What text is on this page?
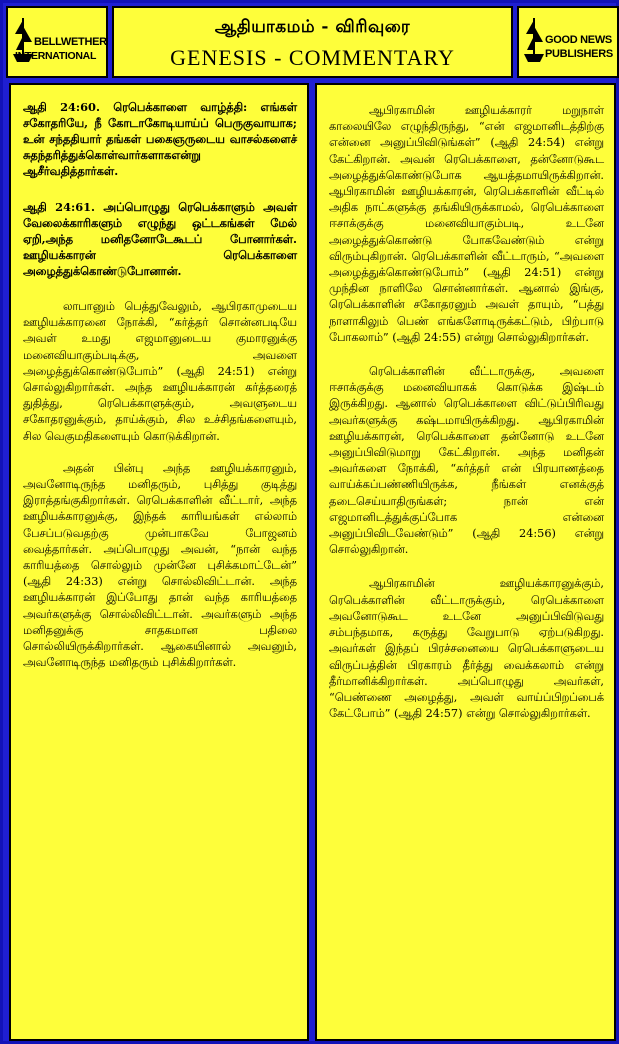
BELLWETHER
INTERNATIONAL
ஆதியாகமம் - விரிவுரை
GENESIS - COMMENTARY
GOOD NEWS
PUBLISHERS

ஆதி 24:60. ரெபெக்காளை வாழ்த்தி: எங்கள் சகோதரியே, நீ கோடாகோடியாய்ப் பெருகுவாயாக; உன் சந்ததியார் தங்கள் பகைஞருடைய வாசல்களைச் சுதந்தரித்துக்கொள்வார்களாகஎன்று ஆசீர்வதித்தார்கள்.

ஆதி 24:61. அப்பொழுது ரெபெக்காளும் அவள் வேலைக்காரிகளும் எழுந்து ஒட்டகங்கள் மேல் ஏறி,அந்த மனிதனோடேகூடப் போனார்கள். ஊழியக்காரன் ரெபெக்காளை அழைத்துக்கொண்டுபோனான்.

லாபானும் பெத்துவேலும், ஆபிரகாமுடைய ஊழியக்காரனை நோக்கி, “கர்த்தர் சொன்னபடியே அவள் உமது எஜமானுடைய குமாரனுக்கு மனைவியாகும்படிக்கு, அவளை அழைத்துக்கொண்டுபோம்” (ஆதி 24:51) என்று சொல்லுகிறார்கள். அந்த ஊழியக்காரன் கர்த்தரைத் துதித்து, ரெபெக்காளுக்கும், அவளுடைய சகோதரனுக்கும், தாய்க்கும், சில உச்சிதங்களையும், சில வெகுமதிகளையும் கொடுக்கிறான்.

அதன் பின்பு அந்த ஊழியக்காரனும், அவனோடிருந்த மனிதரும், புசித்து குடித்து இராத்தங்குகிறார்கள். ரெபெக்காளின் வீட்டார், அந்த ஊழியக்காரனுக்கு, இந்தக் காரியங்கள் எல்லாம் பேசப்படுவதற்கு முன்பாகவே போஜனம் வைத்தார்கள். அப்பொழுது அவன், “நான் வந்த காரியத்தை சொல்லும் முன்னே புசிக்கமாட்டேன்” (ஆதி 24:33) என்று சொல்லிவிட்டான். அந்த ஊழியக்காரன் இப்போது தான் வந்த காரியத்தை அவர்களுக்கு சொல்லிவிட்டான். அவர்களும் அந்த மனிதனுக்கு சாதகமான பதிலை சொல்லியிருக்கிறார்கள். ஆகையினால் அவனும், அவனோடிருந்த மனிதரும் புசிக்கிறார்கள்.

ஆபிரகாமின் ஊழியக்காரர் மறுநாள் காலையிலே எழுந்திருந்து, “என் எஜமானிடத்திற்கு என்னை அனுப்பிவிடுங்கள்” (ஆதி 24:54) என்று கேட்கிறான். அவன் ரெபெக்காளை, தன்னோடுகூட அழைத்துக்கொண்டுபோக ஆயத்தமாயிருக்கிறான். ஆபிரகாமின் ஊழியக்காரன், ரெபெக்காளின் வீட்டில் அதிக நாட்களுக்கு தங்கியிருக்காமல், ரெபெக்காளை ஈசாக்குக்கு மனைவியாகும்படி, உடனே அழைத்துக்கொண்டு போகவேண்டும் என்று விரும்புகிறான். ரெபெக்காளின் வீட்டாரும், “அவளை அழைத்துக்கொண்டுபோம்” (ஆதி 24:51) என்று முந்தின நாளிலே சொன்னார்கள். ஆனால் இங்கு, ரெபெக்காளின் சகோதரனும் அவள் தாயும், “பத்து நாளாகிலும் பெண் எங்களோடிருக்கட்டும், பிற்பாடு போகலாம்” (ஆதி 24:55) என்று சொல்லுகிறார்கள்.

ரெபெக்காளின் வீட்டாருக்கு, அவளை ஈசாக்குக்கு மனைவியாகக் கொடுக்க இஷ்டம் இருக்கிறது. ஆனால் ரெபெக்காளை விட்டுப்பிரிவது அவர்களுக்கு கஷ்டமாயிருக்கிறது. ஆபிரகாமின் ஊழியக்காரன், ரெபெக்காளை தன்னோடு உடனே அனுப்பிவிடுமாறு கேட்கிறான். அந்த மனிதன் அவர்களை நோக்கி, “கர்த்தர் என் பிரயாணத்தை வாய்க்கப்பண்ணியிருக்க, நீங்கள் எனக்குத் தடைசெய்யாதிருங்கள்; நான் என் எஜமானிடத்துக்குப்போக என்னை அனுப்பிவிடவேண்டும்” (ஆதி 24:56) என்று சொல்லுகிறான்.

ஆபிரகாமின் ஊழியக்காரனுக்கும், ரெபெக்காளின் வீட்டாருக்கும், ரெபெக்காளை அவனோடுகூட உடனே அனுப்பிவிடுவது சம்பந்தமாக, கருத்து வேறுபாடு ஏற்படுகிறது. அவர்கள் இந்தப் பிரச்சனையை ரெபெக்காளுடைய விருப்பத்தின் பிரகாரம் தீர்த்து வைக்கலாம் என்று தீர்மானிக்கிறார்கள். அப்பொழுது அவர்கள், “பெண்ணை அழைத்து, அவள் வாய்ப்பிறப்பைக் கேட்போம்” (ஆதி 24:57) என்று சொல்லுகிறார்கள்.
